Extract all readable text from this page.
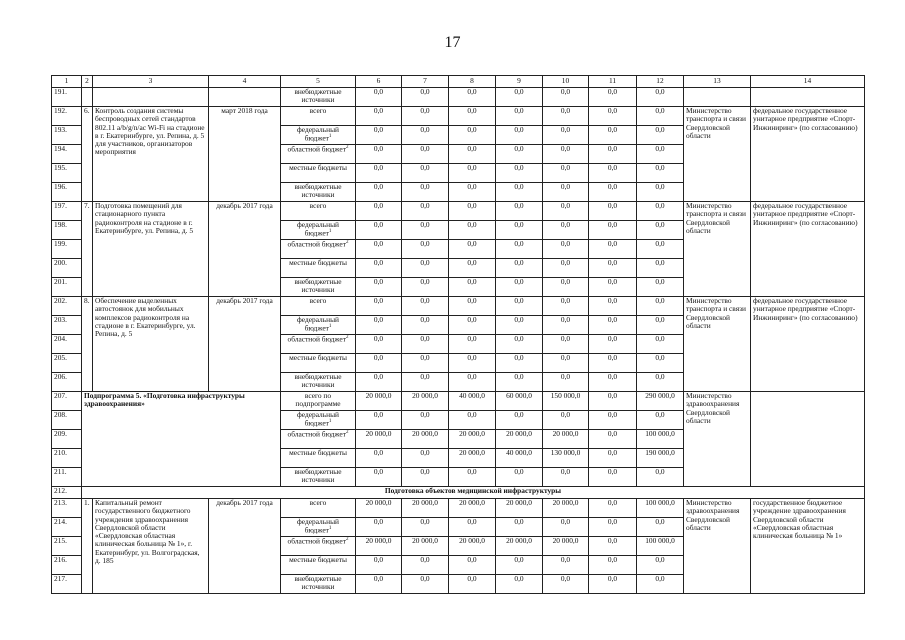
17
1	2	3	4	5	6	7	8	9	10	11	12	13	14
191.				внебюджетные источники	0,0	0,0	0,0	0,0	0,0	0,0	0,0		
192.	6.	Контроль создания системы беспроводных сетей стандартов 802.11 a/b/g/n/ac Wi-Fi на стадионе в г. Екатеринбурге, ул. Репина, д. 5 для участников, организаторов мероприятия	март 2018 года	всего	0,0	0,0	0,0	0,0	0,0	0,0	0,0	Министерство транспорта и связи Свердловской области	федеральное государственное унитарное предприятие «Спорт-Инжиниринг» (по согласованию)
193.				федеральный бюджет$^1$	0,0	0,0	0,0	0,0	0,0	0,0	0,0		
194.				областной бюджет$^2$	0,0	0,0	0,0	0,0	0,0	0,0	0,0		
195.				местные бюджеты	0,0	0,0	0,0	0,0	0,0	0,0	0,0		
196.				внебюджетные источники	0,0	0,0	0,0	0,0	0,0	0,0	0,0		
197.	7.	Подготовка помещений для стационарного пункта радиоконтроля на стадионе в г. Екатеринбурге, ул. Репина, д. 5	декабрь 2017 года	всего	0,0	0,0	0,0	0,0	0,0	0,0	0,0	Министерство транспорта и связи Свердловской области	федеральное государственное унитарное предприятие «Спорт-Инжиниринг» (по согласованию)
198.				федеральный бюджет$^1$	0,0	0,0	0,0	0,0	0,0	0,0	0,0		
199.				областной бюджет$^2$	0,0	0,0	0,0	0,0	0,0	0,0	0,0		
200.				местные бюджеты	0,0	0,0	0,0	0,0	0,0	0,0	0,0		
201.				внебюджетные источники	0,0	0,0	0,0	0,0	0,0	0,0	0,0		
202.	8.	Обеспечение выделенных автостоянок для мобильных комплексов радиоконтроля на стадионе в г. Екатеринбурге, ул. Репина, д. 5	декабрь 2017 года	всего	0,0	0,0	0,0	0,0	0,0	0,0	0,0	Министерство транспорта и связи Свердловской области	федеральное государственное унитарное предприятие «Спорт-Инжиниринг» (по согласованию)
203.				федеральный бюджет$^1$	0,0	0,0	0,0	0,0	0,0	0,0	0,0		
204.				областной бюджет$^2$	0,0	0,0	0,0	0,0	0,0	0,0	0,0		
205.				местные бюджеты	0,0	0,0	0,0	0,0	0,0	0,0	0,0		
206.				внебюджетные источники	0,0	0,0	0,0	0,0	0,0	0,0	0,0		
207.	Подпрограмма 5. «Подготовка инфраструктуры здравоохранения»			всего по подпрограмме	20 000,0	20 000,0	40 000,0	60 000,0	150 000,0	0,0	290 000,0	Министерство здравоохранения Свердловской области	
208.				федеральный бюджет$^1$	0,0	0,0	0,0	0,0	0,0	0,0	0,0		
209.				областной бюджет$^2$	20 000,0	20 000,0	20 000,0	20 000,0	20 000,0	0,0	100 000,0		
210.				местные бюджеты	0,0	0,0	20 000,0	40 000,0	130 000,0	0,0	190 000,0		
211.				внебюджетные источники	0,0	0,0	0,0	0,0	0,0	0,0	0,0		
212.	Подготовка объектов медицинской инфраструктуры												
213.	1.	Капитальный ремонт государственного бюджетного учреждения здравоохранения Свердловской области «Свердловская областная клиническая больница № 1», г. Екатеринбург, ул. Волгоградская, д. 185	декабрь 2017 года	всего	20 000,0	20 000,0	20 000,0	20 000,0	20 000,0	0,0	100 000,0	Министерство здравоохранения Свердловской области	государственное бюджетное учреждение здравоохранения Свердловской области «Свердловская областная клиническая больница № 1»
214.				федеральный бюджет$^1$	0,0	0,0	0,0	0,0	0,0	0,0	0,0		
215.				областной бюджет$^2$	20 000,0	20 000,0	20 000,0	20 000,0	20 000,0	0,0	100 000,0		
216.				местные бюджеты	0,0	0,0	0,0	0,0	0,0	0,0	0,0		
217.				внебюджетные источники	0,0	0,0	0,0	0,0	0,0	0,0	0,0		
